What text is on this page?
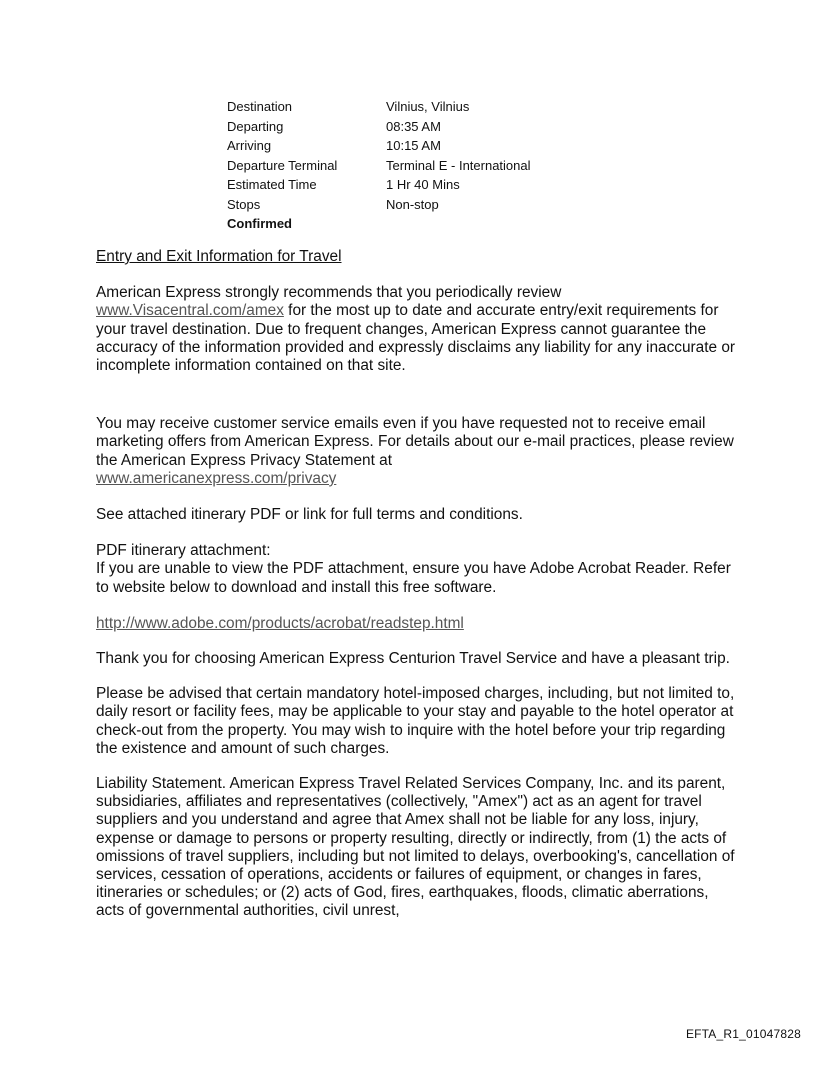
Destination	Vilnius, Vilnius
Departing	08:35 AM
Arriving	10:15 AM
Departure Terminal	Terminal E - International
Estimated Time	1 Hr 40 Mins
Stops	Non-stop
Confirmed

Entry and Exit Information for Travel

American Express strongly recommends that you periodically review
www.Visacentral.com/amex for the most up to date and accurate entry/exit requirements for your travel destination. Due to frequent changes, American Express cannot guarantee the accuracy of the information provided and expressly disclaims any liability for any inaccurate or incomplete information contained on that site.

You may receive customer service emails even if you have requested not to receive email marketing offers from American Express. For details about our e-mail practices, please review the American Express Privacy Statement at
www.americanexpress.com/privacy

See attached itinerary PDF or link for full terms and conditions.

PDF itinerary attachment:

If you are unable to view the PDF attachment, ensure you have Adobe Acrobat Reader. Refer to website below to download and install this free software.

http://www.adobe.com/products/acrobat/readstep.html

Thank you for choosing American Express Centurion Travel Service and have a pleasant trip.

Please be advised that certain mandatory hotel-imposed charges, including, but not limited to, daily resort or facility fees, may be applicable to your stay and payable to the hotel operator at check-out from the property. You may wish to inquire with the hotel before your trip regarding the existence and amount of such charges.

Liability Statement. American Express Travel Related Services Company, Inc. and its parent, subsidiaries, affiliates and representatives (collectively, "Amex") act as an agent for travel suppliers and you understand and agree that Amex shall not be liable for any loss, injury, expense or damage to persons or property resulting, directly or indirectly, from (1) the acts of omissions of travel suppliers, including but not limited to delays, overbooking's, cancellation of services, cessation of operations, accidents or failures of equipment, or changes in fares, itineraries or schedules; or (2) acts of God, fires, earthquakes, floods, climatic aberrations, acts of governmental authorities, civil unrest,

EFTA_R1_01047828
